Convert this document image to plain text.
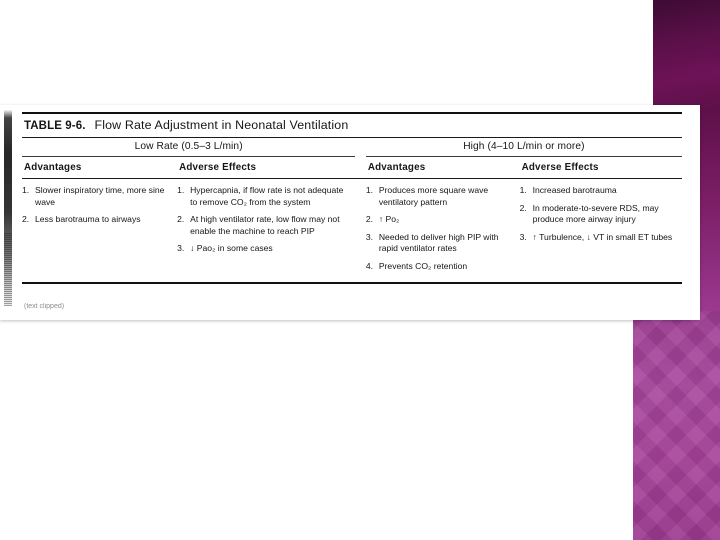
TABLE 9-6. Flow Rate Adjustment in Neonatal Ventilation
Low Rate (0.5–3 L/min)	High (4–10 L/min or more)
Advantages	Adverse Effects	Advantages	Adverse Effects
1. Slower inspiratory time, more sine wave
2. Less barotrauma to airways
1. Hypercapnia, if flow rate is not adequate to remove CO₂ from the system
2. At high ventilator rate, low flow may not enable the machine to reach PIP
3. ↓ Pao₂ in some cases
1. Produces more square wave ventilatory pattern
2. ↑ Po₂
3. Needed to deliver high PIP with rapid ventilator rates
4. Prevents CO₂ retention
1. Increased barotrauma
2. In moderate-to-severe RDS, may produce more airway injury
3. ↑ Turbulence, ↓ VT in small ET tubes
(text clipped)
